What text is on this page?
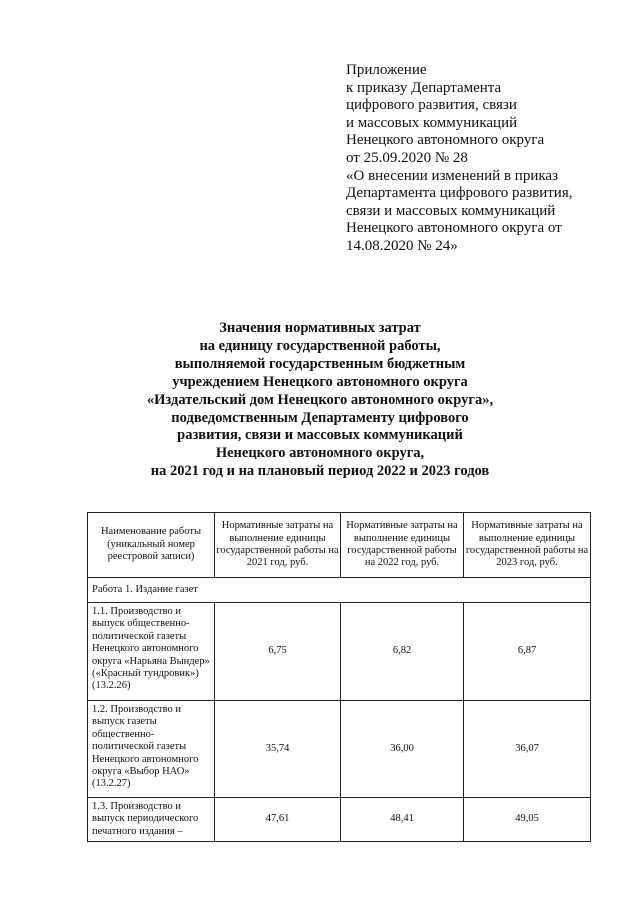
Приложение
к приказу Департамента
цифрового развития, связи
и массовых коммуникаций
Ненецкого автономного округа
от 25.09.2020 № 28
«О внесении изменений в приказ
Департамента цифрового развития,
связи и массовых коммуникаций
Ненецкого автономного округа от
14.08.2020 № 24»
Значения нормативных затрат
на единицу государственной работы,
выполняемой государственным бюджетным
учреждением Ненецкого автономного округа
«Издательский дом Ненецкого автономного округа»,
подведомственным Департаменту цифрового
развития, связи и массовых коммуникаций
Ненецкого автономного округа,
на 2021 год и на плановый период 2022 и 2023 годов
Наименование работы (уникальный номер реестровой записи)	Нормативные затраты на выполнение единицы государственной работы на 2021 год, руб.	Нормативные затраты на выполнение единицы государственной работы на 2022 год, руб.	Нормативные затраты на выполнение единицы государственной работы на 2023 год, руб.
Работа 1. Издание газет			
1.1. Производство и выпуск общественно-политической газеты Ненецкого автономного округа «Нарьяна Вындер» («Красный тундровик») (13.2.26)	6,75	6,82	6,87
1.2. Производство и выпуск газеты общественно-политической газеты Ненецкого автономного округа «Выбор НАО» (13.2.27)	35,74	36,00	36,07
1.3. Производство и выпуск периодического печатного издания –	47,61	48,41	49,05
